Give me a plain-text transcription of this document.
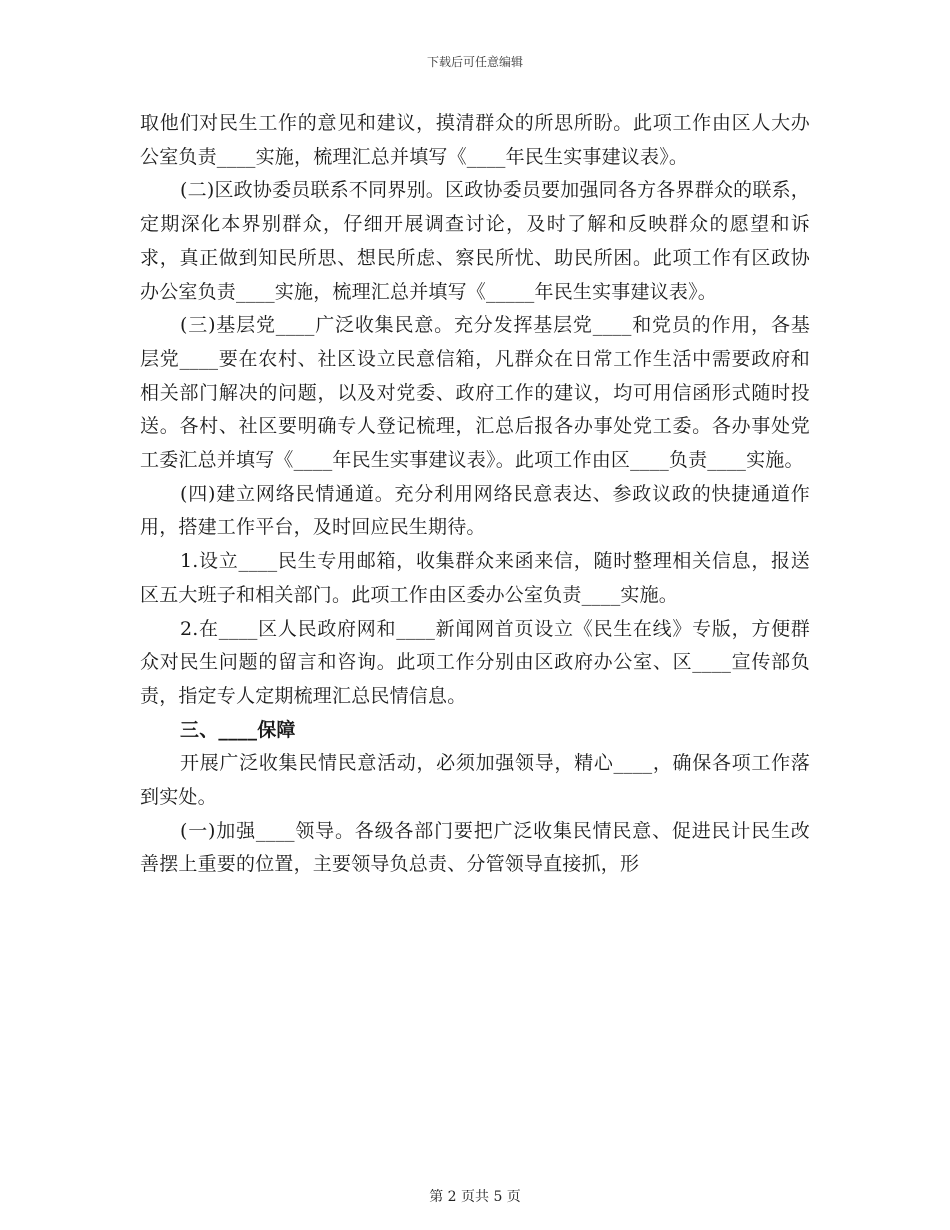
下载后可任意编辑

取他们对民生工作的意见和建议，摸清群众的所思所盼。此项工作由区人大办公室负责____实施，梳理汇总并填写《____年民生实事建议表》。

(二)区政协委员联系不同界别。区政协委员要加强同各方各界群众的联系，定期深化本界别群众，仔细开展调查讨论，及时了解和反映群众的愿望和诉求，真正做到知民所思、想民所虑、察民所忧、助民所困。此项工作有区政协办公室负责____实施，梳理汇总并填写《_____年民生实事建议表》。

(三)基层党____广泛收集民意。充分发挥基层党____和党员的作用，各基层党____要在农村、社区设立民意信箱，凡群众在日常工作生活中需要政府和相关部门解决的问题，以及对党委、政府工作的建议，均可用信函形式随时投送。各村、社区要明确专人登记梳理，汇总后报各办事处党工委。各办事处党工委汇总并填写《____年民生实事建议表》。此项工作由区____负责____实施。

(四)建立网络民情通道。充分利用网络民意表达、参政议政的快捷通道作用，搭建工作平台，及时回应民生期待。

1.设立____民生专用邮箱，收集群众来函来信，随时整理相关信息，报送区五大班子和相关部门。此项工作由区委办公室负责____实施。

2.在____区人民政府网和____新闻网首页设立《民生在线》专版，方便群众对民生问题的留言和咨询。此项工作分别由区政府办公室、区____宣传部负责，指定专人定期梳理汇总民情信息。

三、____保障

开展广泛收集民情民意活动，必须加强领导，精心____，确保各项工作落到实处。

(一)加强____领导。各级各部门要把广泛收集民情民意、促进民计民生改善摆上重要的位置，主要领导负总责、分管领导直接抓，形

第 2 页共 5 页
